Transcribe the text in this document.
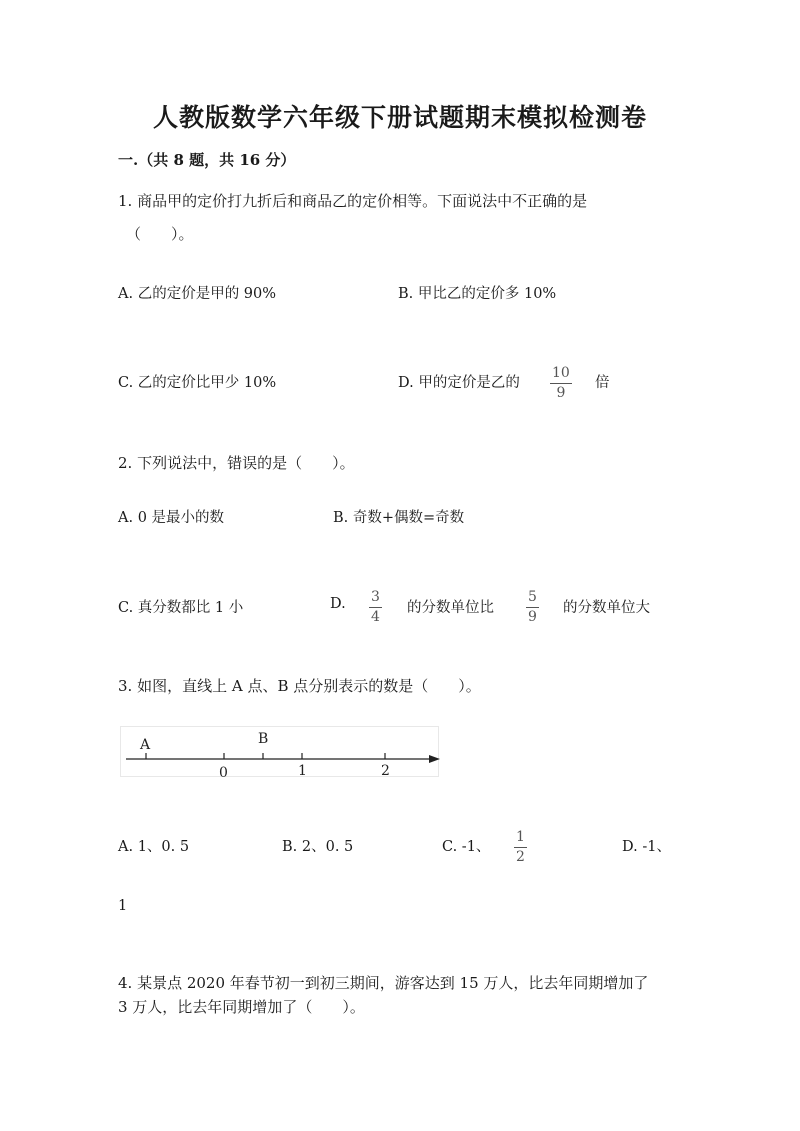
人教版数学六年级下册试题期末模拟检测卷
一.（共 8 题，共 16 分）
1. 商品甲的定价打九折后和商品乙的定价相等。下面说法中不正确的是
（　　）。
A. 乙的定价是甲的 90%	B. 甲比乙的定价多 10%
C. 乙的定价比甲少 10%	D. 甲的定价是乙的
10
9
倍
2. 下列说法中，错误的是（　　）。
A. 0 是最小的数	B. 奇数+偶数=奇数
C. 真分数都比 1 小	D. 3
4
的分数单位比
5
9
的分数单位大
3. 如图，直线上 A 点、B 点分别表示的数是（　　）。
A	B
0	1	2
A. 1、0. 5	B. 2、0. 5	C. -1、
1
2
D. -1、
1
4. 某景点 2020 年春节初一到初三期间，游客达到 15 万人，比去年同期增加了
3 万人，比去年同期增加了（　　）。
